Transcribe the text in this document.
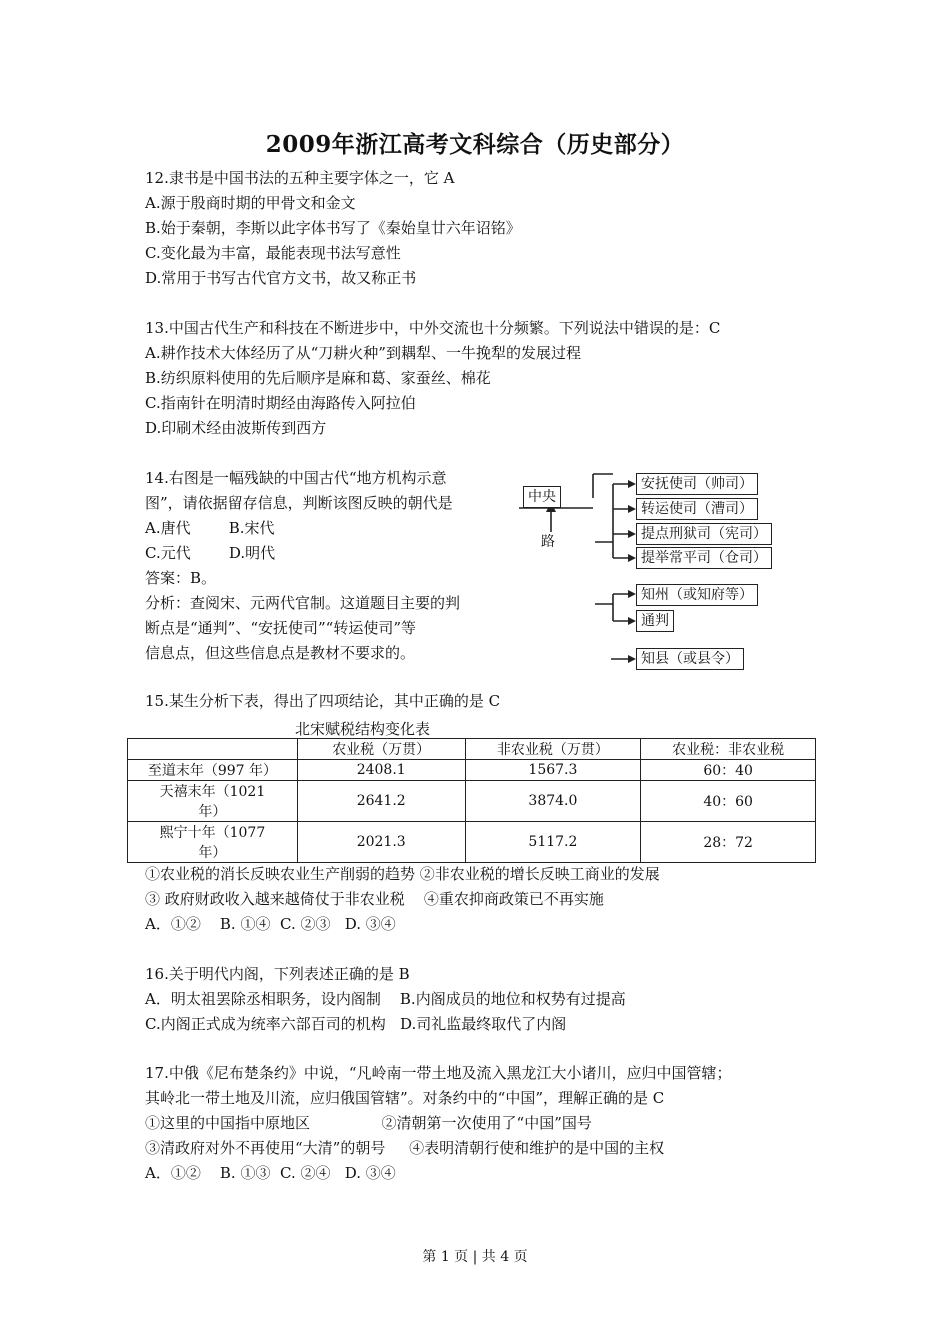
2009年浙江高考文科综合（历史部分）
12.隶书是中国书法的五种主要字体之一，它 A
A.源于殷商时期的甲骨文和金文
B.始于秦朝，李斯以此字体书写了《秦始皇廿六年诏铭》
C.变化最为丰富，最能表现书法写意性
D.常用于书写古代官方文书，故又称正书
13.中国古代生产和科技在不断进步中，中外交流也十分频繁。下列说法中错误的是：C
A.耕作技术大体经历了从“刀耕火种”到耦犁、一牛挽犁的发展过程
B.纺织原料使用的先后顺序是麻和葛、家蚕丝、棉花
C.指南针在明清时期经由海路传入阿拉伯
D.印刷术经由波斯传到西方
14.右图是一幅残缺的中国古代“地方机构示意
图”，请依据留存信息，判断该图反映的朝代是
A.唐代        B.宋代
C.元代        D.明代
答案：B。
分析：查阅宋、元两代官制。这道题目主要的判
断点是“通判”、“安抚使司”“转运使司”等
信息点，但这些信息点是教材不要求的。
中央
路
安抚使司（帅司）
转运使司（漕司）
提点刑狱司（宪司）
提举常平司（仓司）
知州（或知府等）
通判
知县（或县令）
15.某生分析下表，得出了四项结论，其中正确的是 C
北宋赋税结构变化表
	农业税（万贯）	非农业税（万贯）	农业税：非农业税
至道末年（997 年）	2408.1	1567.3	60：40
天禧末年（1021 年）	2641.2	3874.0	40：60
熙宁十年（1077 年）	2021.3	5117.2	28：72
①农业税的消长反映农业生产削弱的趋势 ②非农业税的增长反映工商业的发展
③ 政府财政收入越来越倚仗于非农业税    ④重农抑商政策已不再实施
A．①②    B. ①④  C. ②③   D. ③④
16.关于明代内阁，下列表述正确的是 B
A．明太祖罢除丞相职务，设内阁制    B.内阁成员的地位和权势有过提高
C.内阁正式成为统率六部百司的机构   D.司礼监最终取代了内阁
17.中俄《尼布楚条约》中说，“凡岭南一带土地及流入黑龙江大小诸川，应归中国管辖；
其岭北一带土地及川流，应归俄国管辖”。对条约中的“中国”，理解正确的是 C
①这里的中国指中原地区               ②清朝第一次使用了“中国”国号
③清政府对外不再使用“大清”的朝号     ④表明清朝行使和维护的是中国的主权
A．①②    B. ①③  C. ②④   D. ③④
第 1 页 | 共 4 页
